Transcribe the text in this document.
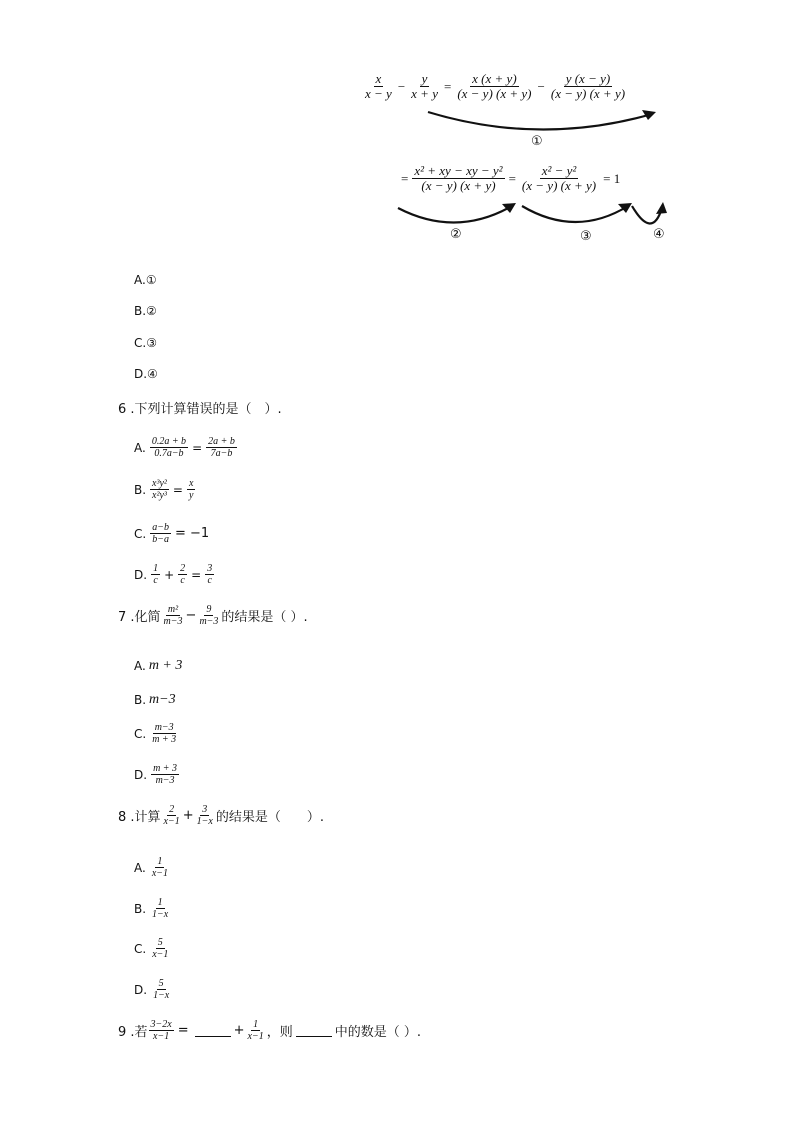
$\frac{x}{x - y} - \frac{y}{x + y} = \frac{x (x + y)}{(x - y) (x + y)} - \frac{y (x - y)}{(x - y) (x + y)}$
①
= $\frac{\text{x² + xy − xy − y²}}{(x - y) (x + y)} = \frac{\text{x² − y²}}{(x - y) (x + y)} = 1$
②	③	④
A.①
B.②
C.③
D.④
6 .下列计算错误的是（　）.
A. $\frac{0.2a + b}{0.7a-b} = \frac{2a + b}{7a-b}$
B. $\frac{\text{x³y²}}{\text{x²y³}} = \frac{x}{y}$
C. $\frac{a-b}{b-a} = -1$
D. $\frac{1}{c} + \frac{2}{c} = \frac{3}{c}$
7 .化简 $\frac{\text{m²}}{m-3} - \frac{9}{m-3}$ 的结果是（ ）.
A. m + 3
B. m−3
C. $\frac{m-3}{m + 3}$
D. $\frac{m + 3}{m-3}$
8 .计算 $\frac{2}{x-1} + \frac{3}{1-x}$ 的结果是（　　）.
A. $\frac{1}{x-1}$
B. $\frac{1}{1-x}$
C. $\frac{5}{x-1}$
D. $\frac{5}{1-x}$
9 .若 $\frac{3-2x}{x-1}$ =	+ $\frac{1}{x-1}$ ，则	中的数是（ ）.
